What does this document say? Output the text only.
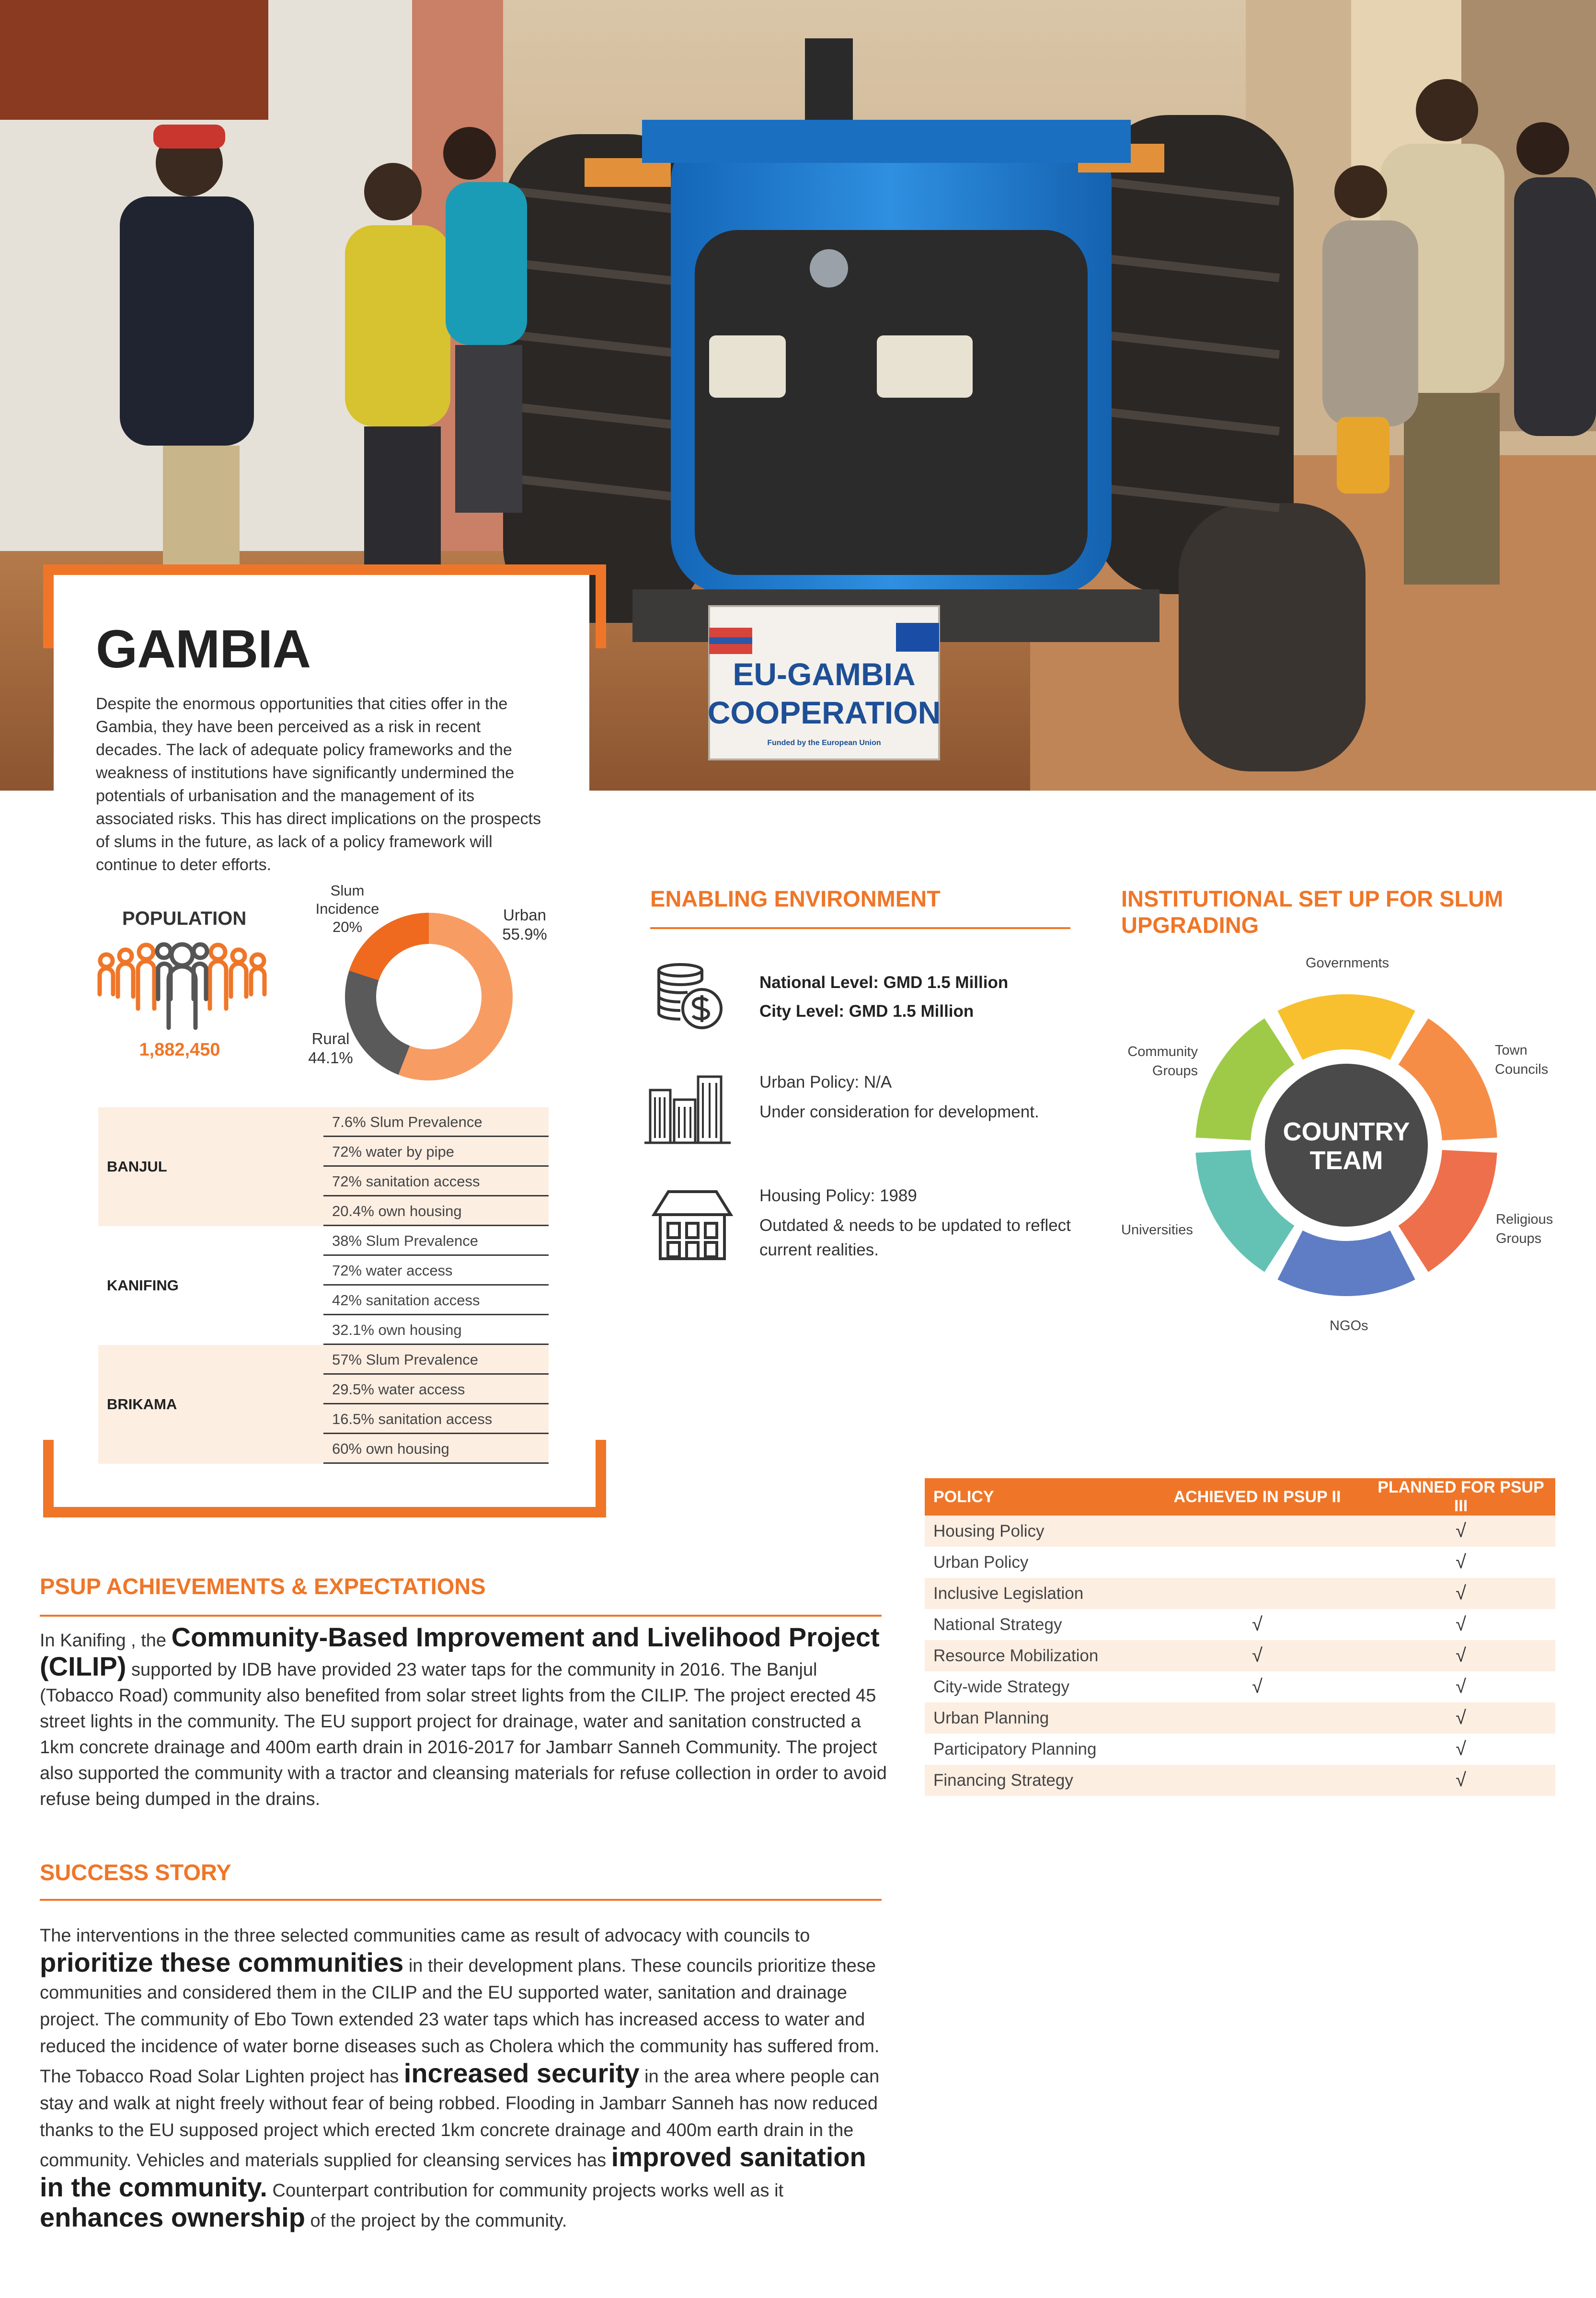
EU-GAMBIA
COOPERATION
Funded by the European Union
GAMBIA
Despite the enormous opportunities that cities offer in the Gambia, they have been perceived as a risk in recent decades. The lack of adequate policy frameworks and the weakness of institutions have significantly undermined the potentials of urbanisation and the management of its associated risks. This has direct implications on the prospects of slums in the future, as lack of a policy framework will continue to deter efforts.
POPULATION
1,882,450
Slum
Incidence
20%
Urban
55.9%
Rural
44.1%
BANJUL
7.6% Slum Prevalence
72% water by pipe
72% sanitation access
20.4% own housing
KANIFING
38% Slum Prevalence
72% water access
42% sanitation access
32.1% own housing
BRIKAMA
57% Slum Prevalence
29.5% water access
16.5% sanitation access
60% own housing
ENABLING ENVIRONMENT
National Level: GMD 1.5 Million
City Level: GMD 1.5 Million
Urban Policy: N/A
Under consideration for development.
Housing Policy: 1989
Outdated & needs to be updated to reflect
current realities.
INSTITUTIONAL SET UP FOR SLUM UPGRADING
COUNTRY
TEAM
Governments
Town
Councils
Religious
Groups
NGOs
Universities
Community
Groups
POLICY	ACHIEVED IN PSUP II	PLANNED FOR PSUP III
Housing Policy		√
Urban Policy		√
Inclusive Legislation		√
National Strategy	√	√
Resource Mobilization	√	√
City-wide Strategy	√	√
Urban Planning		√
Participatory Planning		√
Financing Strategy		√
PSUP ACHIEVEMENTS & EXPECTATIONS
In Kanifing , the Community-Based Improvement and Livelihood Project (CILIP) supported by IDB have provided 23 water taps for the community in 2016. The Banjul (Tobacco Road) community also benefited from solar street lights from the CILIP. The project erected 45 street lights in the community. The EU support project for drainage, water and sanitation constructed a 1km concrete drainage and 400m earth drain in 2016-2017 for Jambarr Sanneh Community. The project also supported the community with a tractor and cleansing materials for refuse collection in order to avoid refuse being dumped in the drains.
SUCCESS STORY
The interventions in the three selected communities came as result of advocacy with councils to
prioritize these communities in their development plans. These councils prioritize these communities and considered them in the CILIP and the EU supported water, sanitation and drainage project. The community of Ebo Town extended 23 water taps which has increased access to water and reduced the incidence of water borne diseases such as Cholera which the community has suffered from. The Tobacco Road Solar Lighten project has increased security in the area where people can stay and walk at night freely without fear of being robbed. Flooding in Jambarr Sanneh has now reduced thanks to the EU supposed project which erected 1km concrete drainage and 400m earth drain in the community. Vehicles and materials supplied for cleansing services has improved sanitation in the community. Counterpart contribution for community projects works well as it enhances ownership of the project by the community.
